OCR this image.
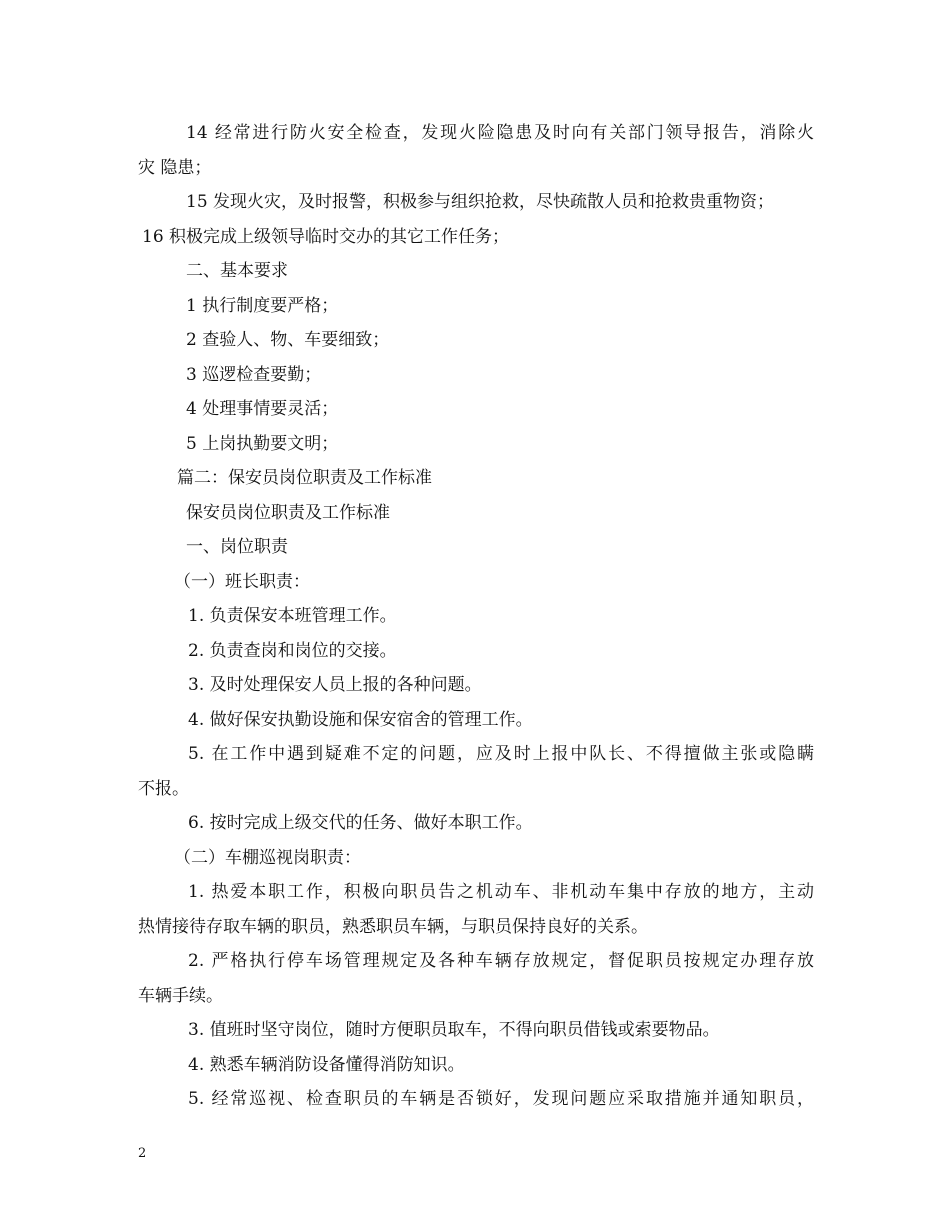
14 经常进行防火安全检查，发现火险隐患及时向有关部门领导报告，消除火
灾 隐患；
15 发现火灾，及时报警，积极参与组织抢救，尽快疏散人员和抢救贵重物资；
16 积极完成上级领导临时交办的其它工作任务；
二、基本要求
1 执行制度要严格；
2 查验人、物、车要细致；
3 巡逻检查要勤；
4 处理事情要灵活；
5 上岗执勤要文明；
篇二：保安员岗位职责及工作标准
保安员岗位职责及工作标准
一、岗位职责
（一）班长职责：
1. 负责保安本班管理工作。
2. 负责查岗和岗位的交接。
3. 及时处理保安人员上报的各种问题。
4. 做好保安执勤设施和保安宿舍的管理工作。
5. 在工作中遇到疑难不定的问题，应及时上报中队长、不得擅做主张或隐瞒
不报。
6. 按时完成上级交代的任务、做好本职工作。
（二）车棚巡视岗职责：
1. 热爱本职工作，积极向职员告之机动车、非机动车集中存放的地方，主动
热情接待存取车辆的职员，熟悉职员车辆，与职员保持良好的关系。
2. 严格执行停车场管理规定及各种车辆存放规定，督促职员按规定办理存放
车辆手续。
3. 值班时坚守岗位，随时方便职员取车，不得向职员借钱或索要物品。
4. 熟悉车辆消防设备懂得消防知识。
5. 经常巡视、检查职员的车辆是否锁好，发现问题应采取措施并通知职员，
2
